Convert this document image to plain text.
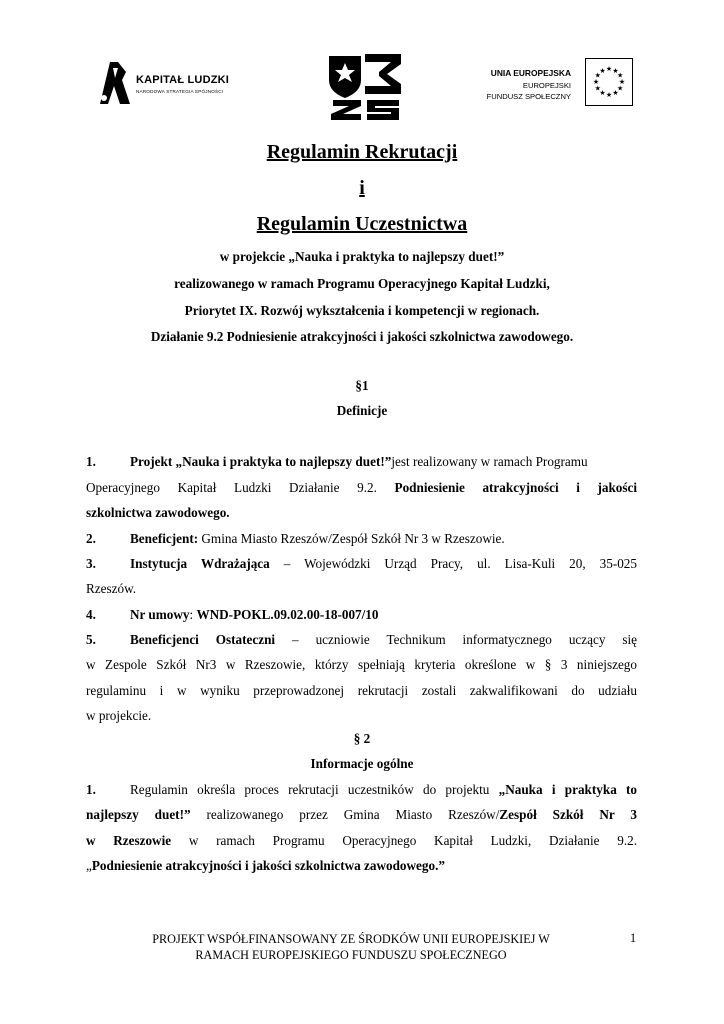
KAPITAŁ LUDZKI
NARODOWA STRATEGIA SPÓJNOŚCI
UNIA EUROPEJSKA
EUROPEJSKI
FUNDUSZ SPOŁECZNY
★ ★
★
★
★
★
★
★
★
★
★
★
Regulamin Rekrutacji
i
Regulamin Uczestnictwa
w projekcie „Nauka i praktyka to najlepszy duet!”
realizowanego w ramach Programu Operacyjnego Kapitał Ludzki,
Priorytet IX. Rozwój wykształcenia i kompetencji w regionach.
Działanie 9.2 Podniesienie atrakcyjności i jakości szkolnictwa zawodowego.
§1
Definicje
1.	Projekt „Nauka i praktyka to najlepszy duet!”jest realizowany w ramach Programu
Operacyjnego Kapitał Ludzki Działanie 9.2. Podniesienie atrakcyjności i jakości
szkolnictwa zawodowego.
2.	Beneficjent: Gmina Miasto Rzeszów/Zespół Szkół Nr 3 w Rzeszowie.
3.	Instytucja Wdrażająca – Wojewódzki Urząd Pracy, ul. Lisa-Kuli 20, 35-025
Rzeszów.
4.	Nr umowy: WND-POKL.09.02.00-18-007/10
5.	Beneficjenci Ostateczni – uczniowie Technikum informatycznego uczący się
w Zespole Szkół Nr3 w Rzeszowie, którzy spełniają kryteria określone w § 3 niniejszego
regulaminu i w wyniku przeprowadzonej rekrutacji zostali zakwalifikowani do udziału
w projekcie.
§ 2
Informacje ogólne
1.	Regulamin określa proces rekrutacji uczestników do projektu „Nauka i praktyka to
najlepszy duet!” realizowanego przez Gmina Miasto Rzeszów/Zespół Szkół Nr 3
w Rzeszowie w ramach Programu Operacyjnego Kapitał Ludzki, Działanie 9.2.
„Podniesienie atrakcyjności i jakości szkolnictwa zawodowego.”
PROJEKT WSPÓŁFINANSOWANY ZE ŚRODKÓW UNII EUROPEJSKIEJ W
RAMACH EUROPEJSKIEGO FUNDUSZU SPOŁECZNEGO
1
